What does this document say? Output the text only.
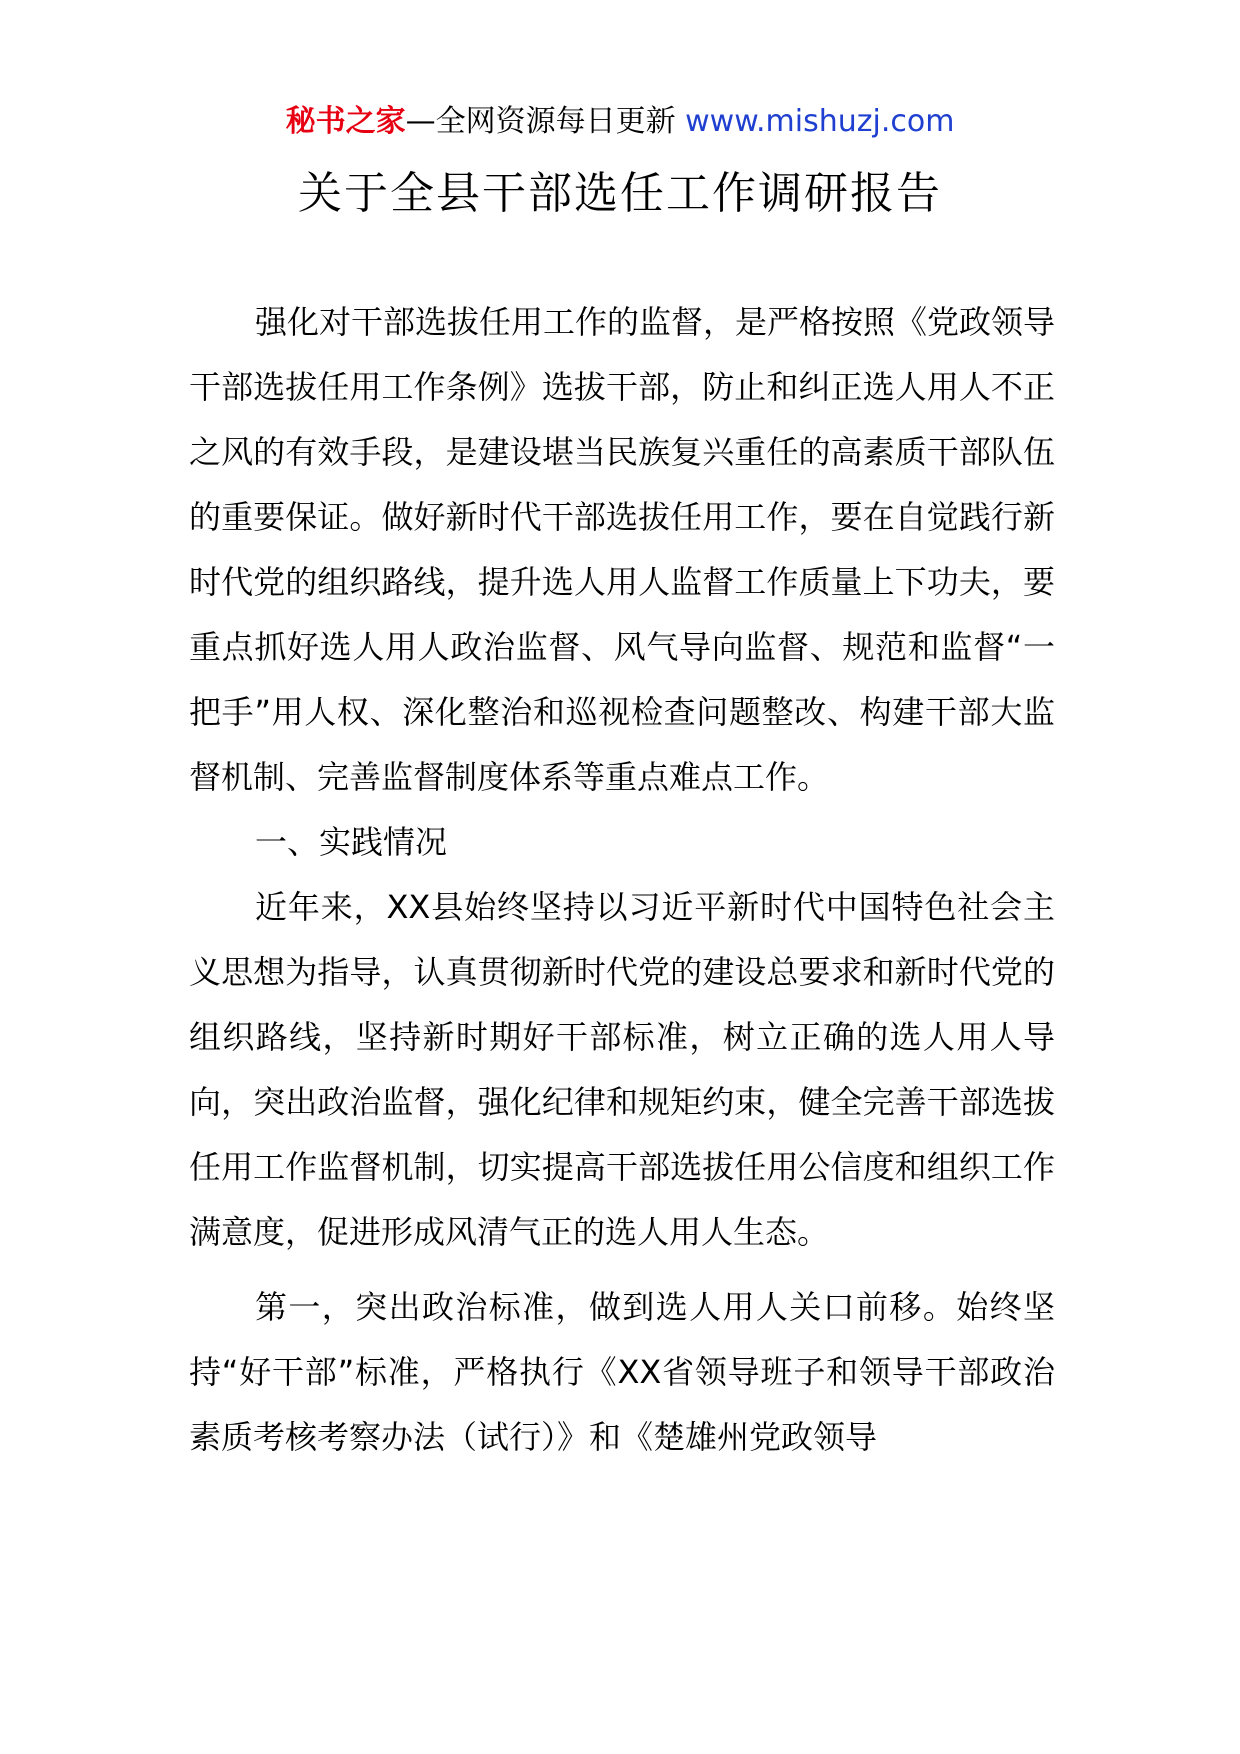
秘书之家—全网资源每日更新 www.mishuzj.com
关于全县干部选任工作调研报告

强化对干部选拔任用工作的监督，是严格按照《党政领导干部选拔任用工作条例》选拔干部，防止和纠正选人用人不正之风的有效手段，是建设堪当民族复兴重任的高素质干部队伍的重要保证。做好新时代干部选拔任用工作，要在自觉践行新时代党的组织路线，提升选人用人监督工作质量上下功夫，要重点抓好选人用人政治监督、风气导向监督、规范和监督“一把手”用人权、深化整治和巡视检查问题整改、构建干部大监督机制、完善监督制度体系等重点难点工作。

一、实践情况

近年来，XX县始终坚持以习近平新时代中国特色社会主义思想为指导，认真贯彻新时代党的建设总要求和新时代党的组织路线，坚持新时期好干部标准，树立正确的选人用人导向，突出政治监督，强化纪律和规矩约束，健全完善干部选拔任用工作监督机制，切实提高干部选拔任用公信度和组织工作满意度，促进形成风清气正的选人用人生态。

第一，突出政治标准，做到选人用人关口前移。始终坚持“好干部”标准，严格执行《XX省领导班子和领导干部政治素质考核考察办法（试行）》和《楚雄州党政领导
